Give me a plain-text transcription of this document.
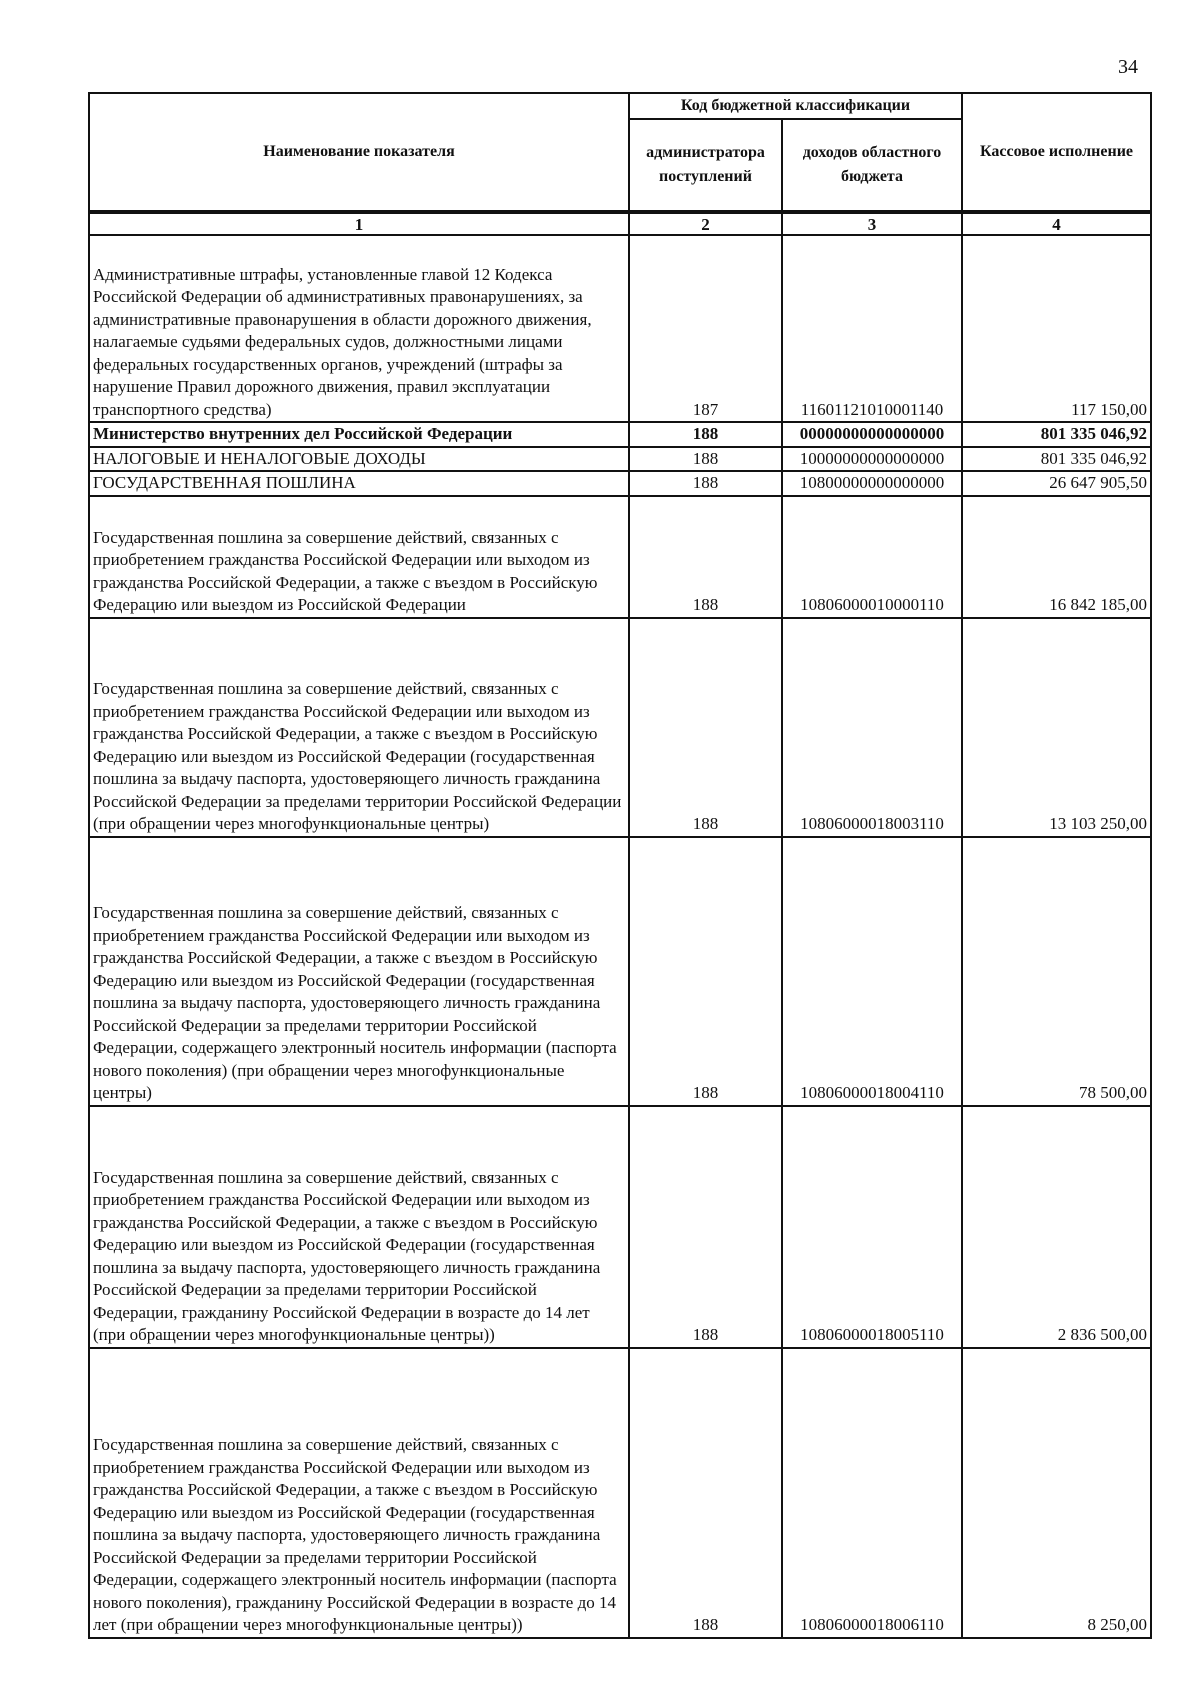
34
Наименование показателя	Код бюджетной классификации		Кассовое исполнение
	администратора поступлений	доходов областного бюджета	
1	2	3	4
Административные штрафы, установленные главой 12 Кодекса Российской Федерации об административных правонарушениях, за административные правонарушения в области дорожного движения, налагаемые судьями федеральных судов, должностными лицами федеральных государственных органов, учреждений (штрафы за нарушение Правил дорожного движения, правил эксплуатации транспортного средства)	187	11601121010001140	117 150,00
Министерство внутренних дел Российской Федерации	188	00000000000000000	801 335 046,92
НАЛОГОВЫЕ И НЕНАЛОГОВЫЕ ДОХОДЫ	188	10000000000000000	801 335 046,92
ГОСУДАРСТВЕННАЯ ПОШЛИНА	188	10800000000000000	26 647 905,50
Государственная пошлина за совершение действий, связанных с приобретением гражданства Российской Федерации или выходом из гражданства Российской Федерации, а также с въездом в Российскую Федерацию или выездом из Российской Федерации	188	10806000010000110	16 842 185,00
Государственная пошлина за совершение действий, связанных с приобретением гражданства Российской Федерации или выходом из гражданства Российской Федерации, а также с въездом в Российскую Федерацию или выездом из Российской Федерации (государственная пошлина за выдачу паспорта, удостоверяющего личность гражданина Российской Федерации за пределами территории Российской Федерации (при обращении через многофункциональные центры)	188	10806000018003110	13 103 250,00
Государственная пошлина за совершение действий, связанных с приобретением гражданства Российской Федерации или выходом из гражданства Российской Федерации, а также с въездом в Российскую Федерацию или выездом из Российской Федерации (государственная пошлина за выдачу паспорта, удостоверяющего личность гражданина Российской Федерации за пределами территории Российской Федерации, содержащего электронный носитель информации (паспорта нового поколения) (при обращении через многофункциональные центры)	188	10806000018004110	78 500,00
Государственная пошлина за совершение действий, связанных с приобретением гражданства Российской Федерации или выходом из гражданства Российской Федерации, а также с въездом в Российскую Федерацию или выездом из Российской Федерации (государственная пошлина за выдачу паспорта, удостоверяющего личность гражданина Российской Федерации за пределами территории Российской Федерации, гражданину Российской Федерации в возрасте до 14 лет (при обращении через многофункциональные центры))	188	10806000018005110	2 836 500,00
Государственная пошлина за совершение действий, связанных с приобретением гражданства Российской Федерации или выходом из гражданства Российской Федерации, а также с въездом в Российскую Федерацию или выездом из Российской Федерации (государственная пошлина за выдачу паспорта, удостоверяющего личность гражданина Российской Федерации за пределами территории Российской Федерации, содержащего электронный носитель информации (паспорта нового поколения), гражданину Российской Федерации в возрасте до 14 лет (при обращении через многофункциональные центры))	188	10806000018006110	8 250,00
